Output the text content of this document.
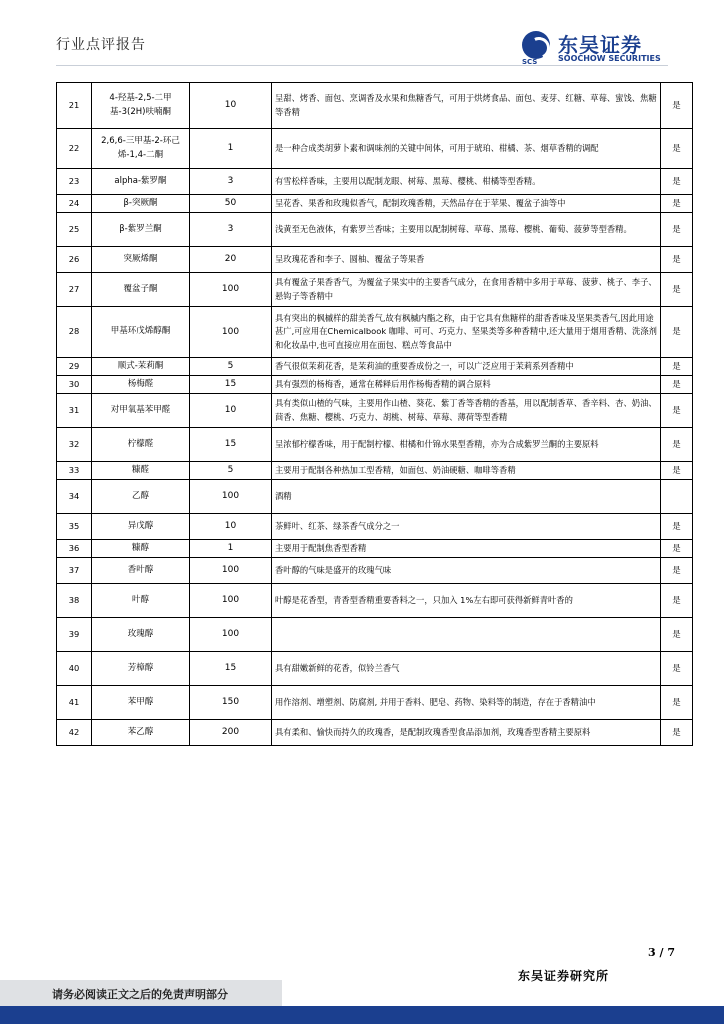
行业点评报告	东吴证券
SCS	SOOCHOW SECURITIES
21	4-羟基-2,5-二甲基-3(2H)呋喃酮	10	呈甜、烤香、面包、烹调香及水果和焦糖香气，可用于烘烤食品、面包、麦芽、红糖、草莓、蜜饯、焦糖等香精	是
22	2,6,6-三甲基-2-环己烯-1,4-二酮	1	是一种合成类胡萝卜素和调味剂的关键中间体，可用于琥珀、柑橘、茶、烟草香精的调配	是
23	alpha-紫罗酮	3	有雪松样香味，主要用以配制龙眼、树莓、黑莓、樱桃、柑橘等型香精。	是
24	β-突厥酮	50	呈花香、果香和玫瑰似香气，配制玫瑰香精，天然品存在于苹果、覆盆子油等中	是
25	β-紫罗兰酮	3	浅黄至无色液体，有紫罗兰香味；主要用以配制树莓、草莓、黑莓、樱桃、葡萄、菠萝等型香精。	是
26	突厥烯酮	20	呈玫瑰花香和李子、圆柚、覆盆子等果香	是
27	覆盆子酮	100	具有覆盆子果香香气，为覆盆子果实中的主要香气成分，在食用香精中多用于草莓、菠萝、桃子、李子、悬钩子等香精中	是
28	甲基环戊烯醇酮	100	具有突出的枫槭样的甜美香气,故有枫槭内酯之称，由于它具有焦糖样的甜香香味及坚果类香气,因此用途甚广,可应用在Chemicalbook 咖啡、可可、巧克力、坚果类等多种香精中,还大量用于烟用香精、洗涤剂和化妆品中,也可直接应用在面包、糕点等食品中	是
29	顺式-茉莉酮	5	香气很似茉莉花香，是茉莉油的重要香成份之一，可以广泛应用于茉莉系列香精中	是
30	杨梅醛	15	具有强烈的杨梅香，通常在稀释后用作杨梅香精的调合原料	是
31	对甲氧基苯甲醛	10	具有类似山楂的气味，主要用作山楂、葵花、紫丁香等香精的香基，用以配制香草、香辛料、杏、奶油、茴香、焦糖、樱桃、巧克力、胡桃、树莓、草莓、薄荷等型香精	是
32	柠檬醛	15	呈浓郁柠檬香味，用于配制柠檬、柑橘和什锦水果型香精，亦为合成紫罗兰酮的主要原料	是
33	糠醛	5	主要用于配制各种热加工型香精，如面包、奶油硬糖、咖啡等香精	是
34	乙醇	100	酒精	
35	异戊醇	10	茶鲜叶、红茶、绿茶香气成分之一	是
36	糠醇	1	主要用于配制焦香型香精	是
37	香叶醇	100	香叶醇的气味是盛开的玫瑰气味	是
38	叶醇	100	叶醇是花香型，青香型香精重要香料之一，只加入 1%左右即可获得新鲜青叶香的	是
39	玫瑰醇	100		是
40	芳樟醇	15	具有甜嫩新鲜的花香，似铃兰香气	是
41	苯甲醇	150	用作溶剂、增塑剂、防腐剂, 并用于香料、肥皂、药物、染料等的制造，存在于香精油中	是
42	苯乙醇	200	具有柔和、愉快而持久的玫瑰香，是配制玫瑰香型食品添加剂，玫瑰香型香精主要原料	是
3 / 7
东吴证券研究所
请务必阅读正文之后的免责声明部分
